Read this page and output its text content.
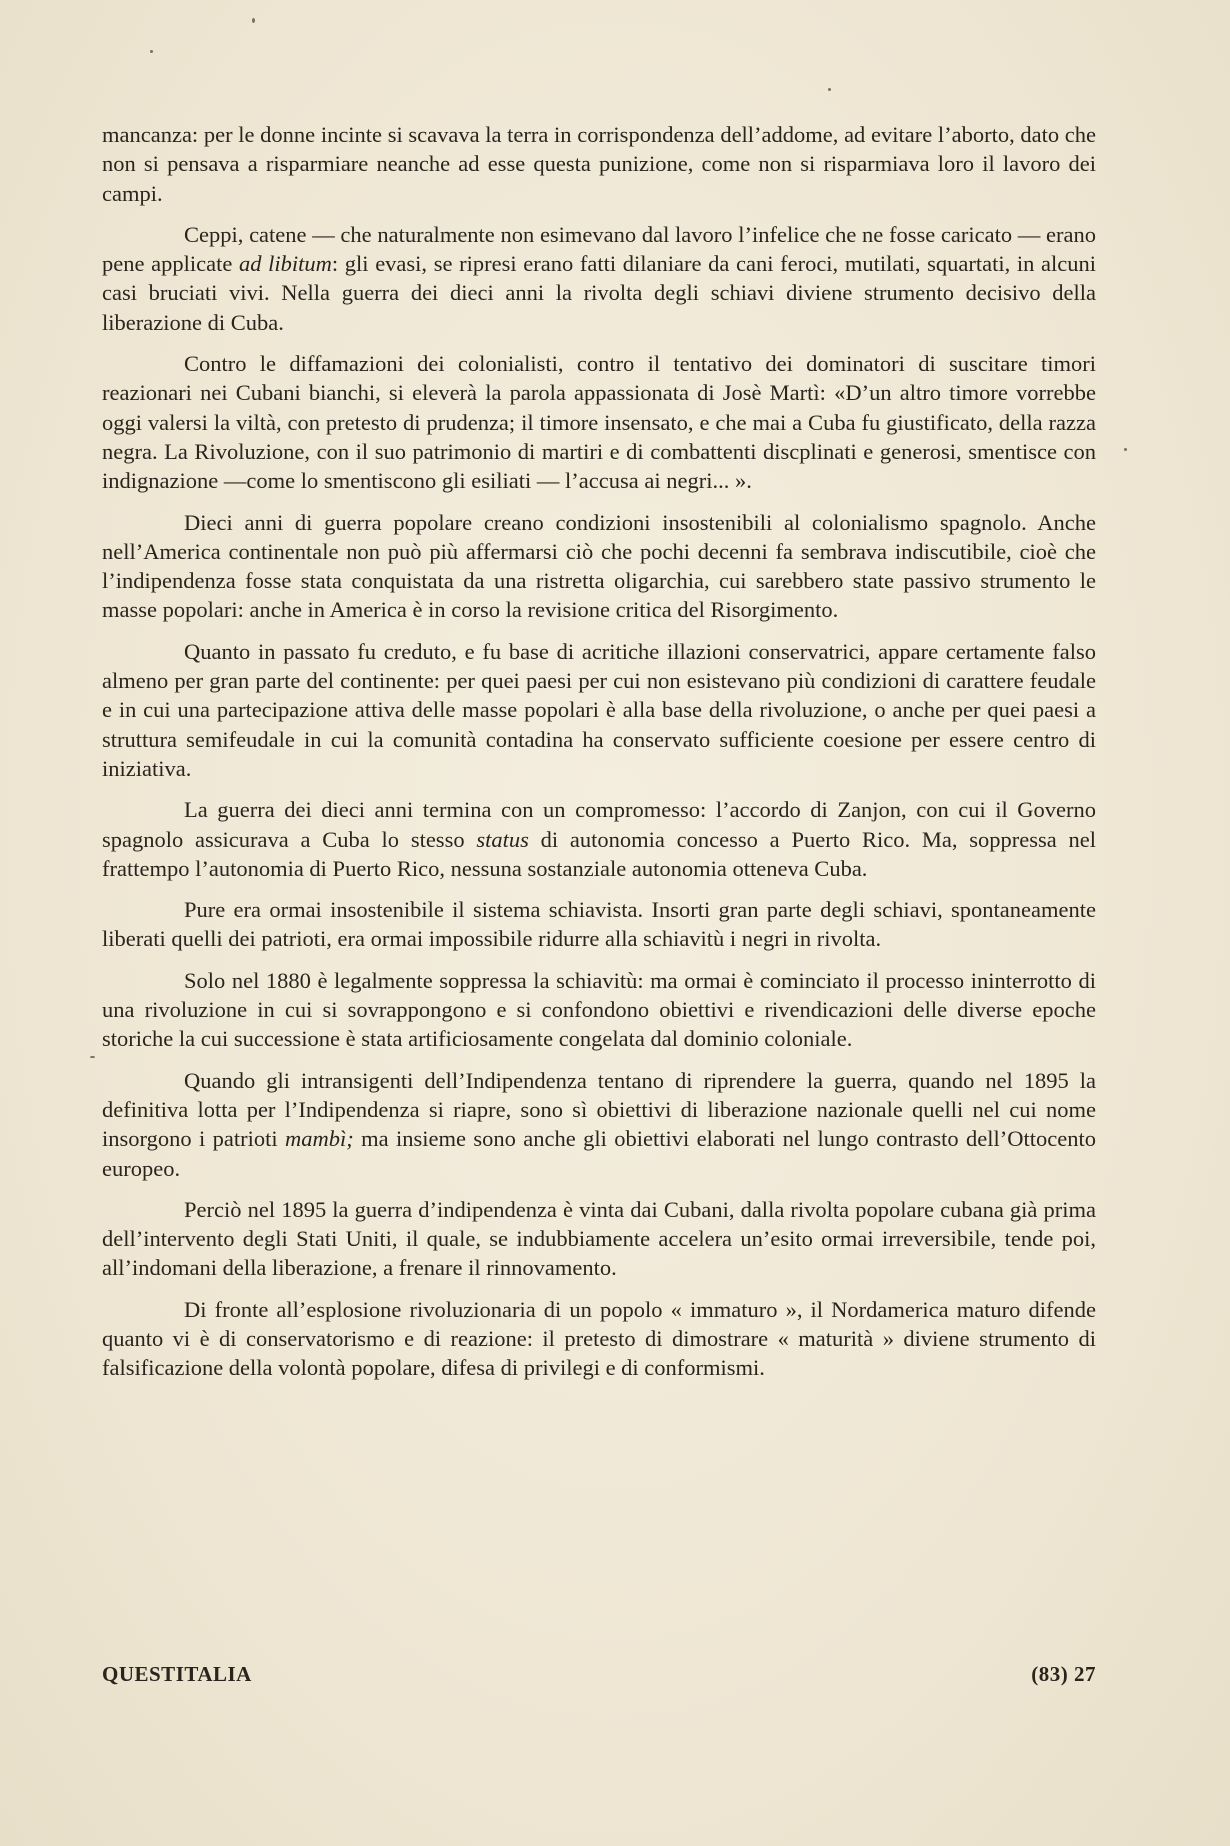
mancanza: per le donne incinte si scavava la terra in corrispondenza dell’addome, ad evitare l’aborto, dato che non si pensava a risparmiare neanche ad esse questa punizione, come non si risparmiava loro il lavoro dei campi.

Ceppi, catene — che naturalmente non esimevano dal lavoro l’infelice che ne fosse caricato — erano pene applicate ad libitum: gli evasi, se ripresi erano fatti dilaniare da cani feroci, mutilati, squartati, in alcuni casi bruciati vivi. Nella guerra dei dieci anni la rivolta degli schiavi diviene strumento decisivo della liberazione di Cuba.

Contro le diffamazioni dei colonialisti, contro il tentativo dei dominatori di suscitare timori reazionari nei Cubani bianchi, si eleverà la parola appassionata di Josè Martì: «D’un altro timore vorrebbe oggi valersi la viltà, con pretesto di prudenza; il timore insensato, e che mai a Cuba fu giustificato, della razza negra. La Rivoluzione, con il suo patrimonio di martiri e di combattenti discplinati e generosi, smentisce con indignazione —come lo smentiscono gli esiliati — l’accusa ai negri... ».

Dieci anni di guerra popolare creano condizioni insostenibili al colonialismo spagnolo. Anche nell’America continentale non può più affermarsi ciò che pochi decenni fa sembrava indiscutibile, cioè che l’indipendenza fosse stata conquistata da una ristretta oligarchia, cui sarebbero state passivo strumento le masse popolari: anche in America è in corso la revisione critica del Risorgimento.

Quanto in passato fu creduto, e fu base di acritiche illazioni conservatrici, appare certamente falso almeno per gran parte del continente: per quei paesi per cui non esistevano più condizioni di carattere feudale e in cui una partecipazione attiva delle masse popolari è alla base della rivoluzione, o anche per quei paesi a struttura semifeudale in cui la comunità contadina ha conservato sufficiente coesione per essere centro di iniziativa.

La guerra dei dieci anni termina con un compromesso: l’accordo di Zanjon, con cui il Governo spagnolo assicurava a Cuba lo stesso status di autonomia concesso a Puerto Rico. Ma, soppressa nel frattempo l’autonomia di Puerto Rico, nessuna sostanziale autonomia otteneva Cuba.

Pure era ormai insostenibile il sistema schiavista. Insorti gran parte degli schiavi, spontaneamente liberati quelli dei patrioti, era ormai impossibile ridurre alla schiavitù i negri in rivolta.

Solo nel 1880 è legalmente soppressa la schiavitù: ma ormai è cominciato il processo ininterrotto di una rivoluzione in cui si sovrappongono e si confondono obiettivi e rivendicazioni delle diverse epoche storiche la cui successione è stata artificiosamente congelata dal dominio coloniale.

Quando gli intransigenti dell’Indipendenza tentano di riprendere la guerra, quando nel 1895 la definitiva lotta per l’Indipendenza si riapre, sono sì obiettivi di liberazione nazionale quelli nel cui nome insorgono i patrioti mambì; ma insieme sono anche gli obiettivi elaborati nel lungo contrasto dell’Ottocento europeo.

Perciò nel 1895 la guerra d’indipendenza è vinta dai Cubani, dalla rivolta popolare cubana già prima dell’intervento degli Stati Uniti, il quale, se indubbiamente accelera un’esito ormai irreversibile, tende poi, all’indomani della liberazione, a frenare il rinnovamento.

Di fronte all’esplosione rivoluzionaria di un popolo « immaturo », il Nordamerica maturo difende quanto vi è di conservatorismo e di reazione: il pretesto di dimostrare « maturità » diviene strumento di falsificazione della volontà popolare, difesa di privilegi e di conformismi.

QUESTITALIA	(83) 27
